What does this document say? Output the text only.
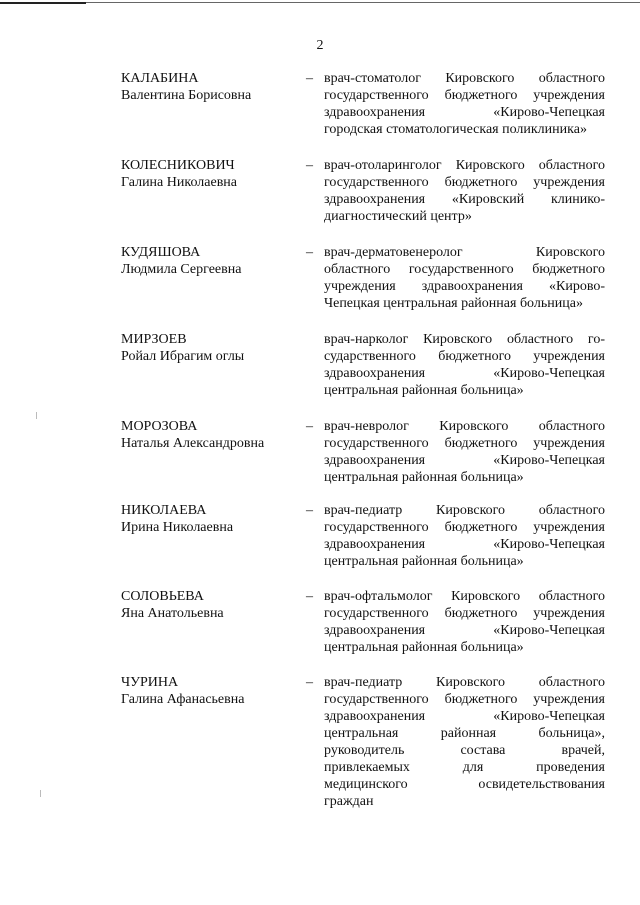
2
КАЛАБИНА
Валентина Борисовна
– врач-стоматолог Кировского областного
государственного бюджетного учреждения
здравоохранения «Кирово-Чепецкая
городская стоматологическая поликлиника»
КОЛЕСНИКОВИЧ
Галина Николаевна
– врач-отоларинголог Кировского областного
государственного бюджетного учреждения
здравоохранения «Кировский клинико-
диагностический центр»
КУДЯШОВА
Людмила Сергеевна
– врач-дерматовенеролог Кировского
областного государственного бюджетного
учреждения здравоохранения «Кирово-
Чепецкая центральная районная больница»
МИРЗОЕВ
Ройал Ибрагим оглы
врач-нарколог Кировского областного го-
сударственного бюджетного учреждения
здравоохранения «Кирово-Чепецкая
центральная районная больница»
МОРОЗОВА
Наталья Александровна
– врач-невролог Кировского областного
государственного бюджетного учреждения
здравоохранения «Кирово-Чепецкая
центральная районная больница»
НИКОЛАЕВА
Ирина Николаевна
– врач-педиатр Кировского областного
государственного бюджетного учреждения
здравоохранения «Кирово-Чепецкая
центральная районная больница»
СОЛОВЬЕВА
Яна Анатольевна
– врач-офтальмолог Кировского областного
государственного бюджетного учреждения
здравоохранения «Кирово-Чепецкая
центральная районная больница»
ЧУРИНА
Галина Афанасьевна
– врач-педиатр Кировского областного
государственного бюджетного учреждения
здравоохранения «Кирово-Чепецкая
центральная районная больница»,
руководитель состава врачей,
привлекаемых для проведения
медицинского освидетельствования
граждан
